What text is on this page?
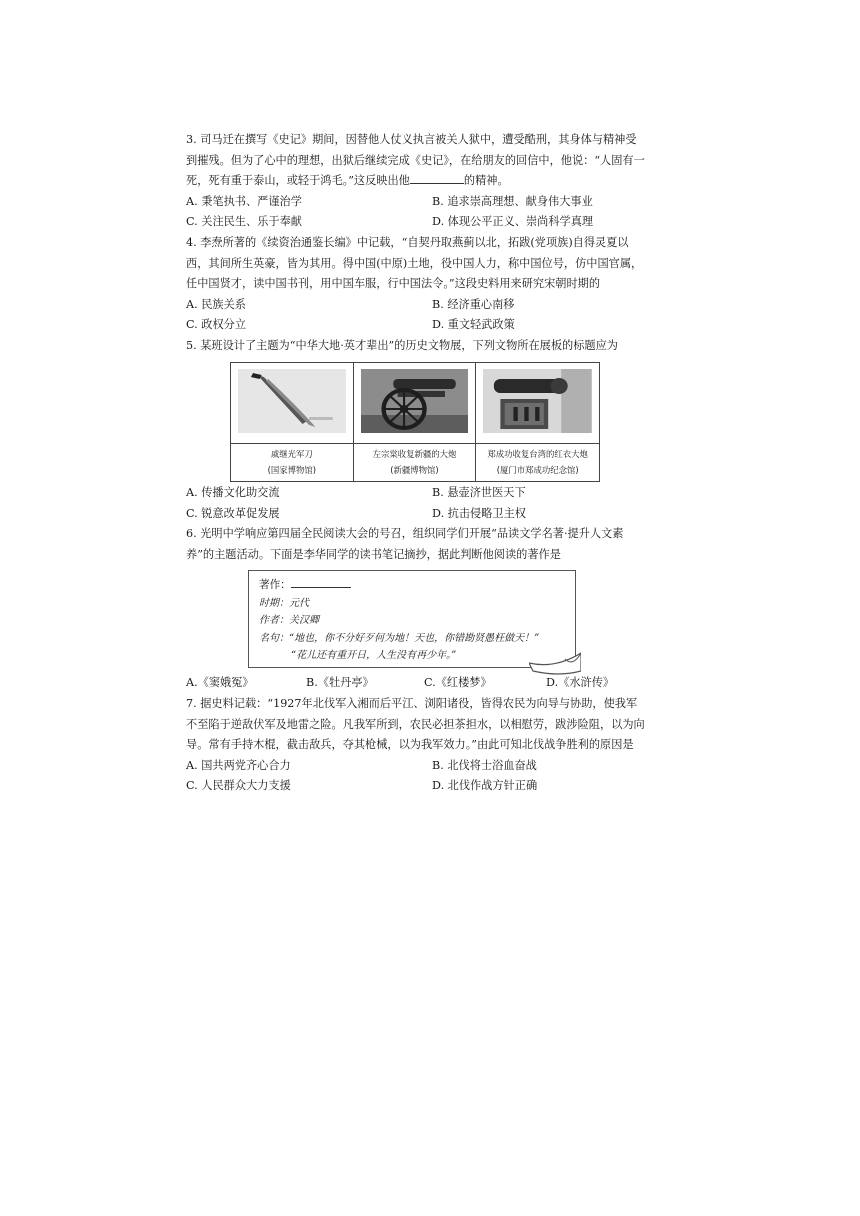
3. 司马迁在撰写《史记》期间，因替他人仗义执言被关人狱中，遭受酷刑，其身体与精神受到摧残。但为了心中的理想，出狱后继续完成《史记》，在给朋友的回信中，他说：“人固有一死，死有重于泰山，或轻于鸿毛。”这反映出他	的精神。
A. 秉笔执书、严谨治学	B. 追求崇高理想、献身伟大事业
C. 关注民生、乐于奉献	D. 体现公平正义、崇尚科学真理
4. 李焘所著的《续资治通鉴长编》中记载，“自契丹取燕蓟以北，拓跋(党项族)自得灵夏以西，其间所生英豪，皆为其用。得中国(中原)土地，役中国人力，称中国位号，仿中国官属，任中国贤才，读中国书刊，用中国车服，行中国法令。”这段史料用来研究宋朝时期的
A. 民族关系	B. 经济重心南移
C. 政权分立	D. 重文轻武政策
5. 某班设计了主题为“中华大地·英才辈出”的历史文物展，下列文物所在展板的标题应为
戚继光军刀
(国家博物馆)
左宗棠收复新疆的大炮
(新疆博物馆)
郑成功收复台湾的红衣大炮
(厦门市郑成功纪念馆)
A. 传播文化助交流	B. 悬壶济世医天下
C. 锐意改革促发展	D. 抗击侵略卫主权
6. 光明中学响应第四届全民阅读大会的号召，组织同学们开展“品读文学名著·提升人文素养”的主题活动。下面是李华同学的读书笔记摘抄，据此判断他阅读的著作是
著作：
时期：元代
作者：关汉卿
名句：“地也，你不分好歹何为地！天也，你错勘贤愚枉做天！”
“花儿还有重开日，人生没有再少年。”
A.《窦娥冤》	B.《牡丹亭》	C.《红楼梦》	D.《水浒传》
7. 据史料记载：“1927年北伐军入湘而后平江、浏阳诸役，皆得农民为向导与协助，使我军不至陷于逆敌伏军及地雷之险。凡我军所到，农民必担茶担水，以相慰劳，跋涉险阻，以为向导。常有手持木棍，截击敌兵，夺其枪械，以为我军效力。”由此可知北伐战争胜利的原因是
A. 国共两党齐心合力	B. 北伐将士浴血奋战
C. 人民群众大力支援	D. 北伐作战方针正确
